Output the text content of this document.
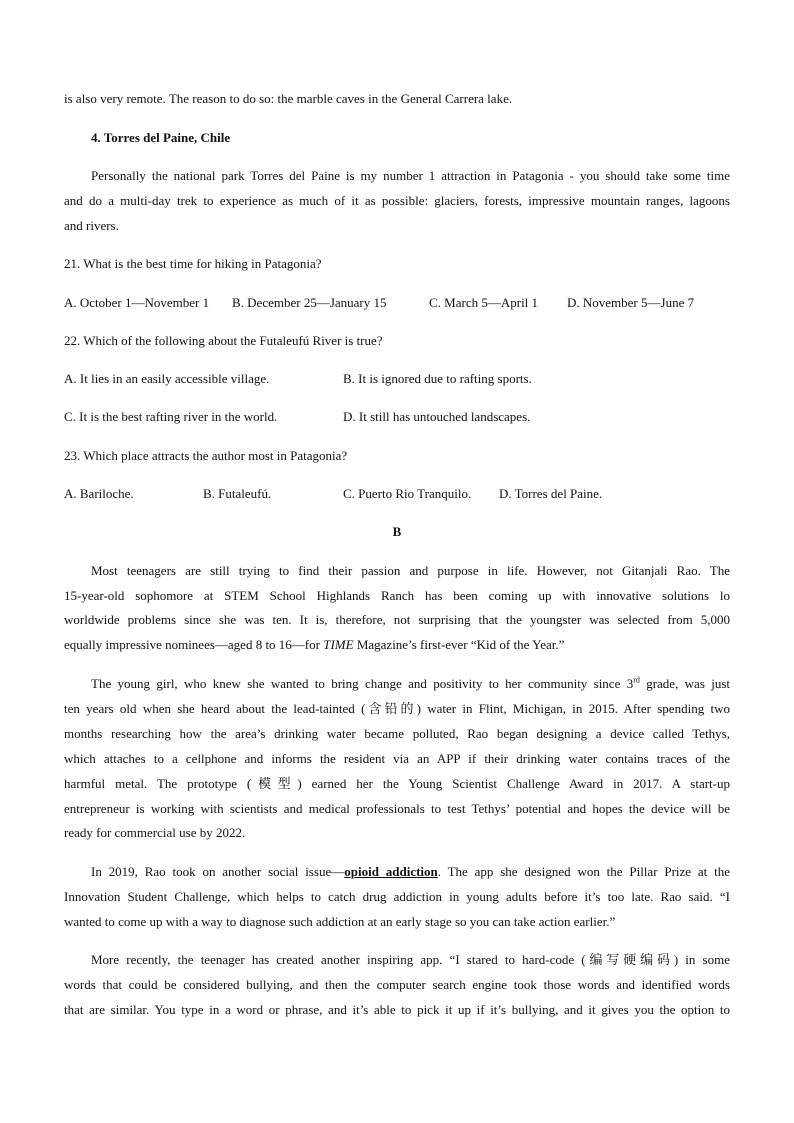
is also very remote. The reason to do so: the marble caves in the General Carrera lake.
4. Torres del Paine, Chile
Personally the national park Torres del Paine is my number 1 attraction in Patagonia - you should take some time
and do a multi-day trek to experience as much of it as possible: glaciers, forests, impressive mountain ranges, lagoons
and rivers.
21. What is the best time for hiking in Patagonia?
A. October 1—November 1 B. December 25—January 15	C. March 5—April 1 D. November 5—June 7
22. Which of the following about the Futaleufú River is true?
A. It lies in an easily accessible village.	B. It is ignored due to rafting sports.
C. It is the best rafting river in the world.	D. It still has untouched landscapes.
23. Which place attracts the author most in Patagonia?
A. Bariloche.	B. Futaleufú.	C. Puerto Rio Tranquilo. D. Torres del Paine.
B
Most teenagers are still trying to find their passion and purpose in life. However, not Gitanjali Rao. The
15-year-old sophomore at STEM School Highlands Ranch has been coming up with innovative solutions lo
worldwide problems since she was ten. It is, therefore, not surprising that the youngster was selected from 5,000
equally impressive nominees—aged 8 to 16—for TIME Magazine’s first-ever “Kid of the Year.”
The young girl, who knew she wanted to bring change and positivity to her community since 3rd grade, was just
ten years old when she heard about the lead-tainted (含铅的) water in Flint, Michigan, in 2015. After spending two
months researching how the area’s drinking water became polluted, Rao began designing a device called Tethys,
which attaches to a cellphone and informs the resident via an APP if their drinking water contains traces of the
harmful metal. The prototype (模型) earned her the Young Scientist Challenge Award in 2017. A start-up
entrepreneur is working with scientists and medical professionals to test Tethys’ potential and hopes the device will be
ready for commercial use by 2022.
In 2019, Rao took on another social issue—opioid addiction. The app she designed won the Pillar Prize at the
Innovation Student Challenge, which helps to catch drug addiction in young adults before it’s too late. Rao said. “I
wanted to come up with a way to diagnose such addiction at an early stage so you can take action earlier.”
More recently, the teenager has created another inspiring app. “I stared to hard-code (编写硬编码) in some
words that could be considered bullying, and then the computer search engine took those words and identified words
that are similar. You type in a word or phrase, and it’s able to pick it up if it’s bullying, and it gives you the option to
